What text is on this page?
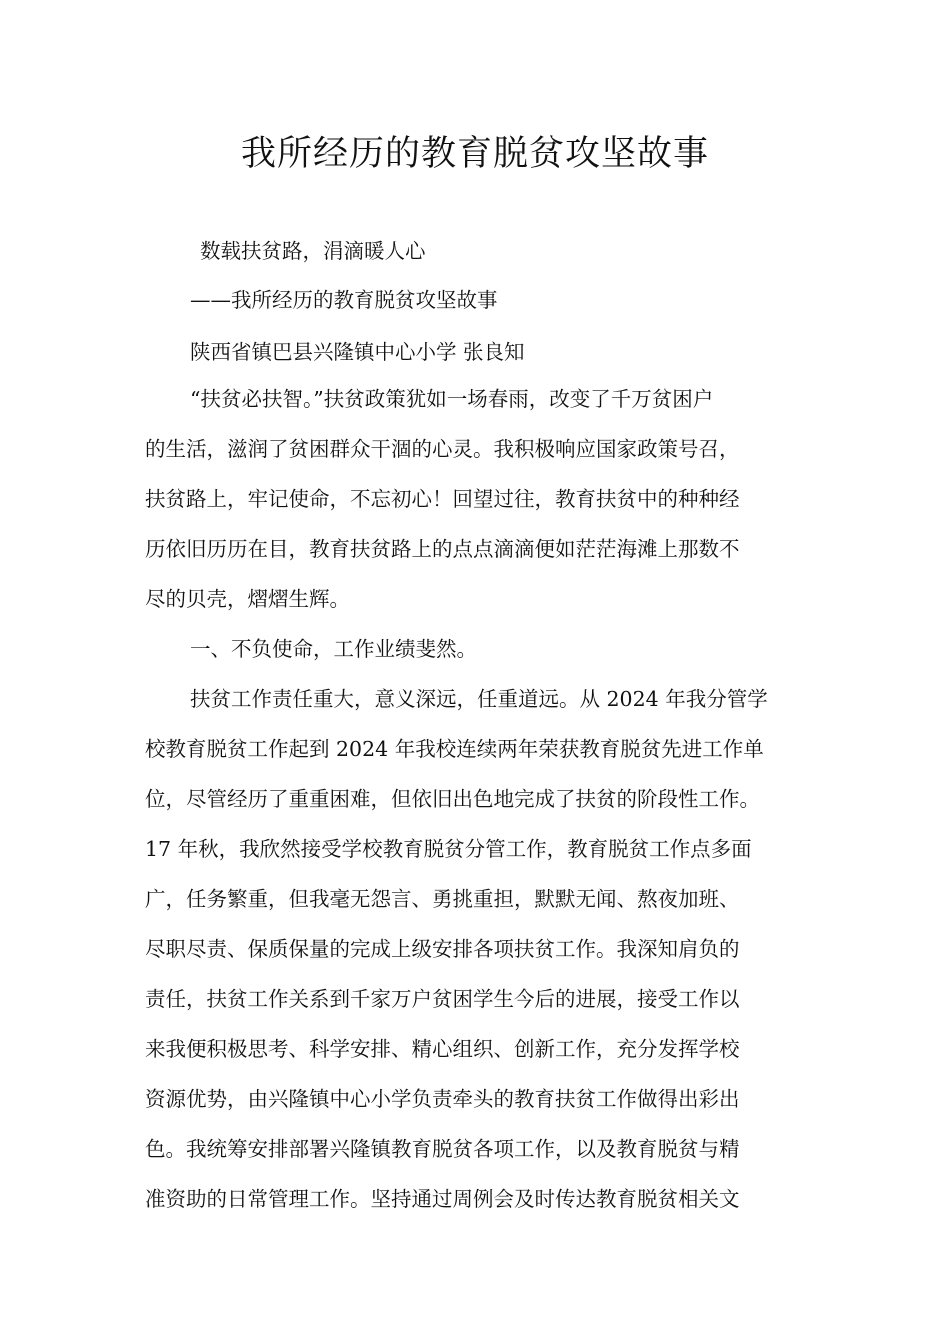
我所经历的教育脱贫攻坚故事

数载扶贫路，涓滴暖人心

——我所经历的教育脱贫攻坚故事

陕西省镇巴县兴隆镇中心小学 张良知

“扶贫必扶智。”扶贫政策犹如一场春雨，改变了千万贫困户

的生活，滋润了贫困群众干涸的心灵。我积极响应国家政策号召，

扶贫路上，牢记使命，不忘初心！回望过往，教育扶贫中的种种经

历依旧历历在目，教育扶贫路上的点点滴滴便如茫茫海滩上那数不

尽的贝壳，熠熠生辉。

一、不负使命，工作业绩斐然。

扶贫工作责任重大，意义深远，任重道远。从 2024 年我分管学

校教育脱贫工作起到 2024 年我校连续两年荣获教育脱贫先进工作单

位，尽管经历了重重困难，但依旧出色地完成了扶贫的阶段性工作。

17 年秋，我欣然接受学校教育脱贫分管工作，教育脱贫工作点多面

广，任务繁重，但我毫无怨言、勇挑重担，默默无闻、熬夜加班、

尽职尽责、保质保量的完成上级安排各项扶贫工作。我深知肩负的

责任，扶贫工作关系到千家万户贫困学生今后的进展，接受工作以

来我便积极思考、科学安排、精心组织、创新工作，充分发挥学校

资源优势，由兴隆镇中心小学负责牵头的教育扶贫工作做得出彩出

色。我统筹安排部署兴隆镇教育脱贫各项工作，以及教育脱贫与精

准资助的日常管理工作。坚持通过周例会及时传达教育脱贫相关文
